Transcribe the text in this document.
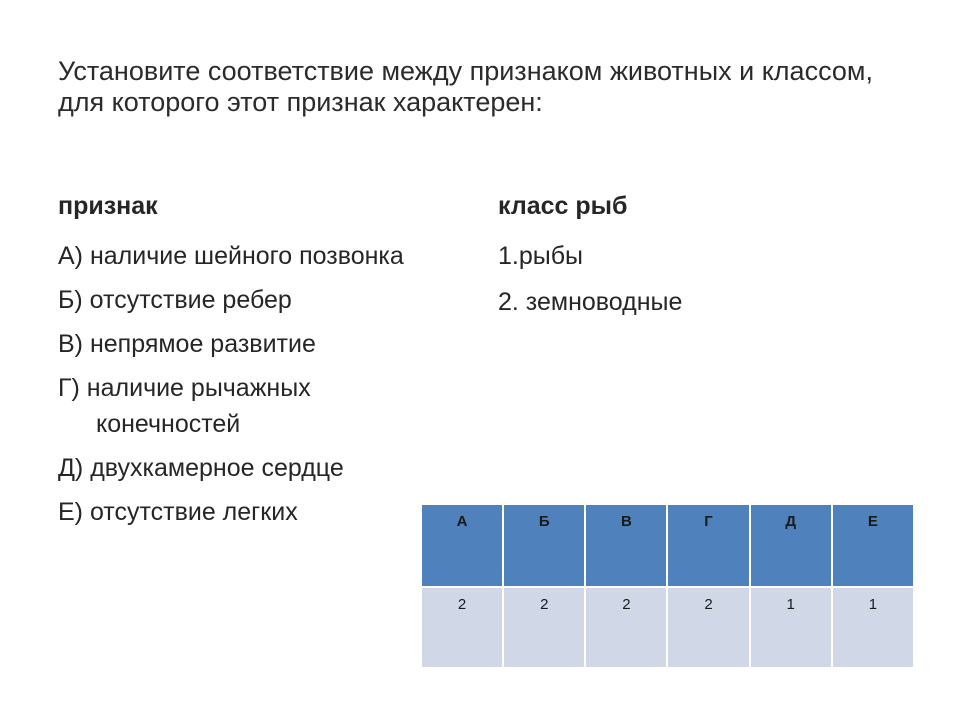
Установите соответствие между признаком животных и классом, для которого этот признак характерен:
признак	класс рыб
А) наличие шейного позвонка
Б) отсутствие ребер
В) непрямое развитие
Г) наличие рычажных конечностей
Д) двухкамерное сердце
Е) отсутствие легких
1.рыбы
2. земноводные
А	Б	В	Г	Д	Е
2	2	2	2	1	1
